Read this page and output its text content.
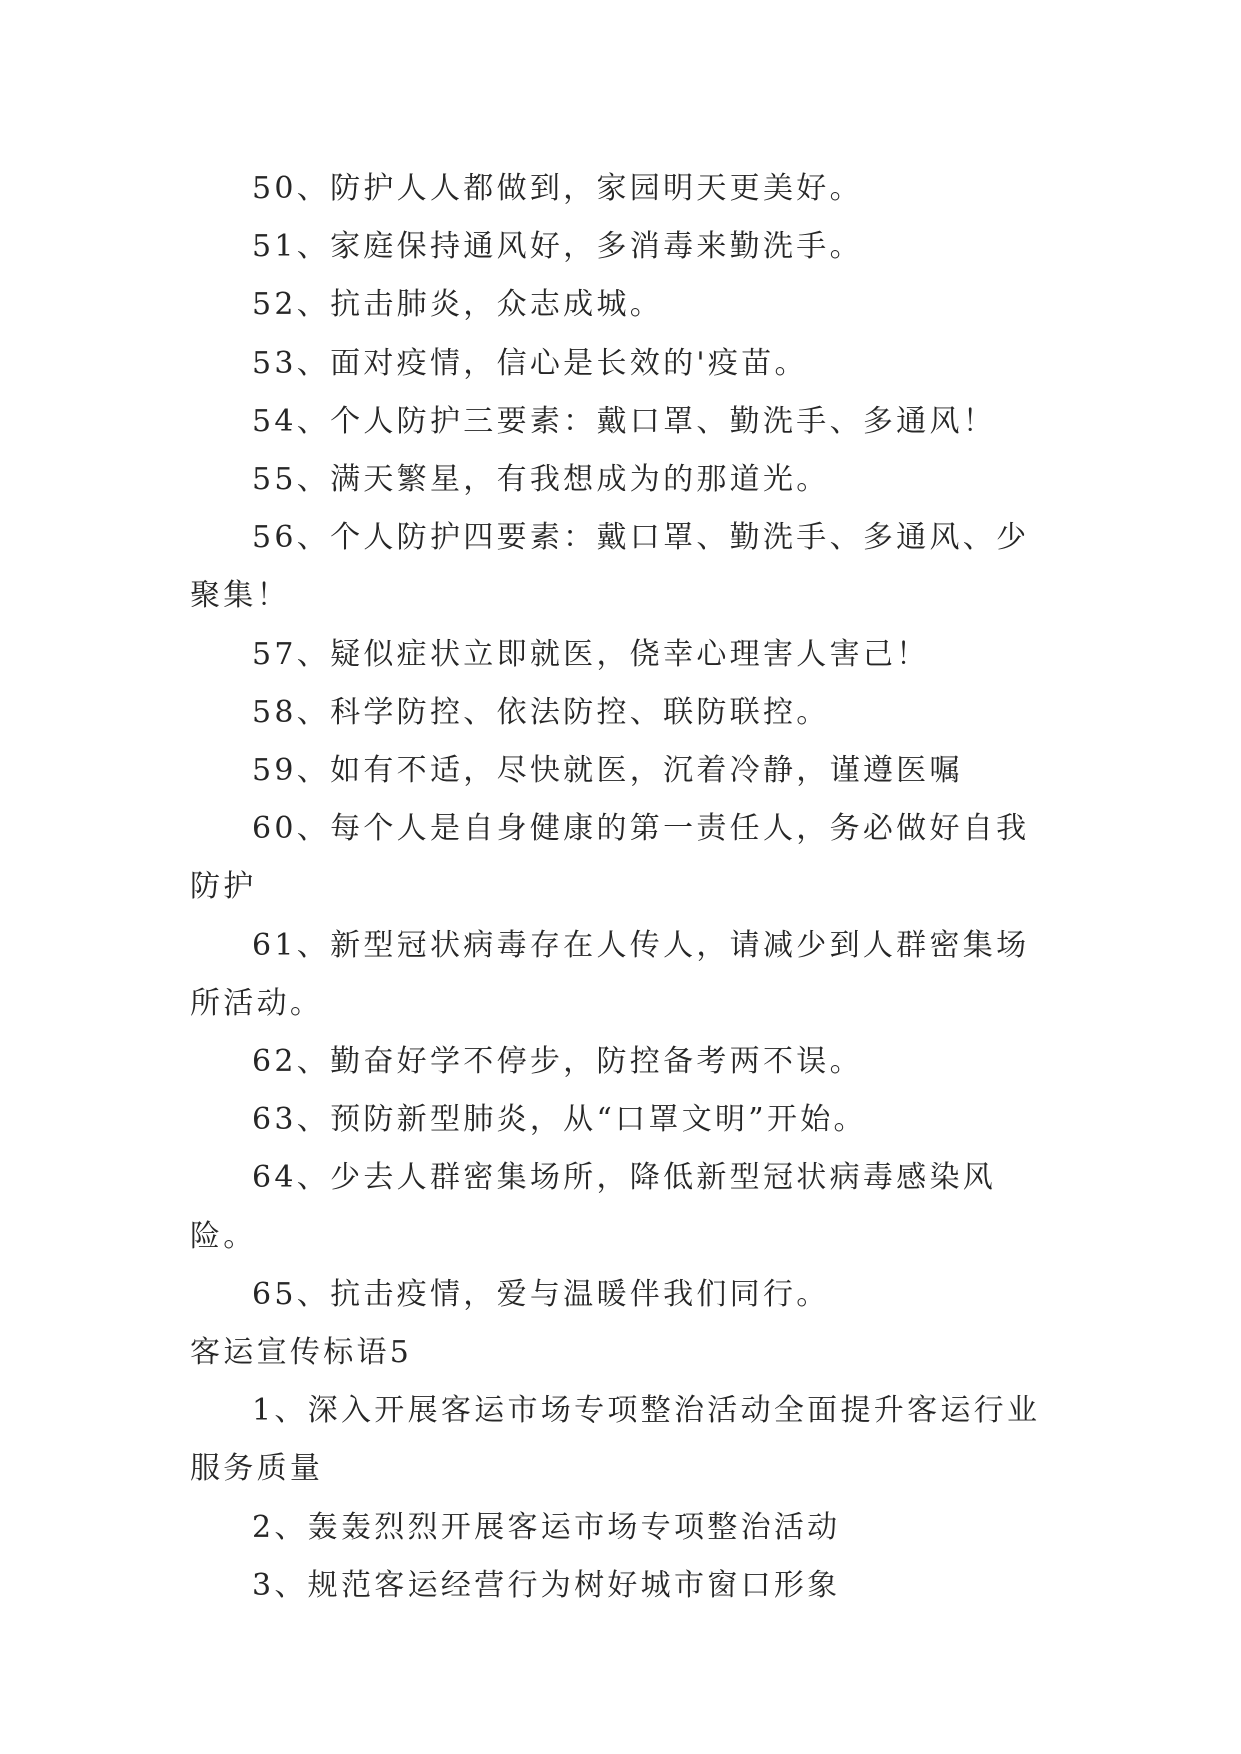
50、防护人人都做到，家园明天更美好。

51、家庭保持通风好，多消毒来勤洗手。

52、抗击肺炎，众志成城。

53、面对疫情，信心是长效的'疫苗。

54、个人防护三要素：戴口罩、勤洗手、多通风！

55、满天繁星，有我想成为的那道光。

56、个人防护四要素：戴口罩、勤洗手、多通风、少聚集！

57、疑似症状立即就医，侥幸心理害人害己！

58、科学防控、依法防控、联防联控。

59、如有不适，尽快就医，沉着冷静，谨遵医嘱

60、每个人是自身健康的第一责任人，务必做好自我防护

61、新型冠状病毒存在人传人，请减少到人群密集场所活动。

62、勤奋好学不停步，防控备考两不误。

63、预防新型肺炎，从“口罩文明”开始。

64、少去人群密集场所，降低新型冠状病毒感染风险。

65、抗击疫情，爱与温暖伴我们同行。

客运宣传标语5

1、深入开展客运市场专项整治活动全面提升客运行业服务质量

2、轰轰烈烈开展客运市场专项整治活动

3、规范客运经营行为树好城市窗口形象
